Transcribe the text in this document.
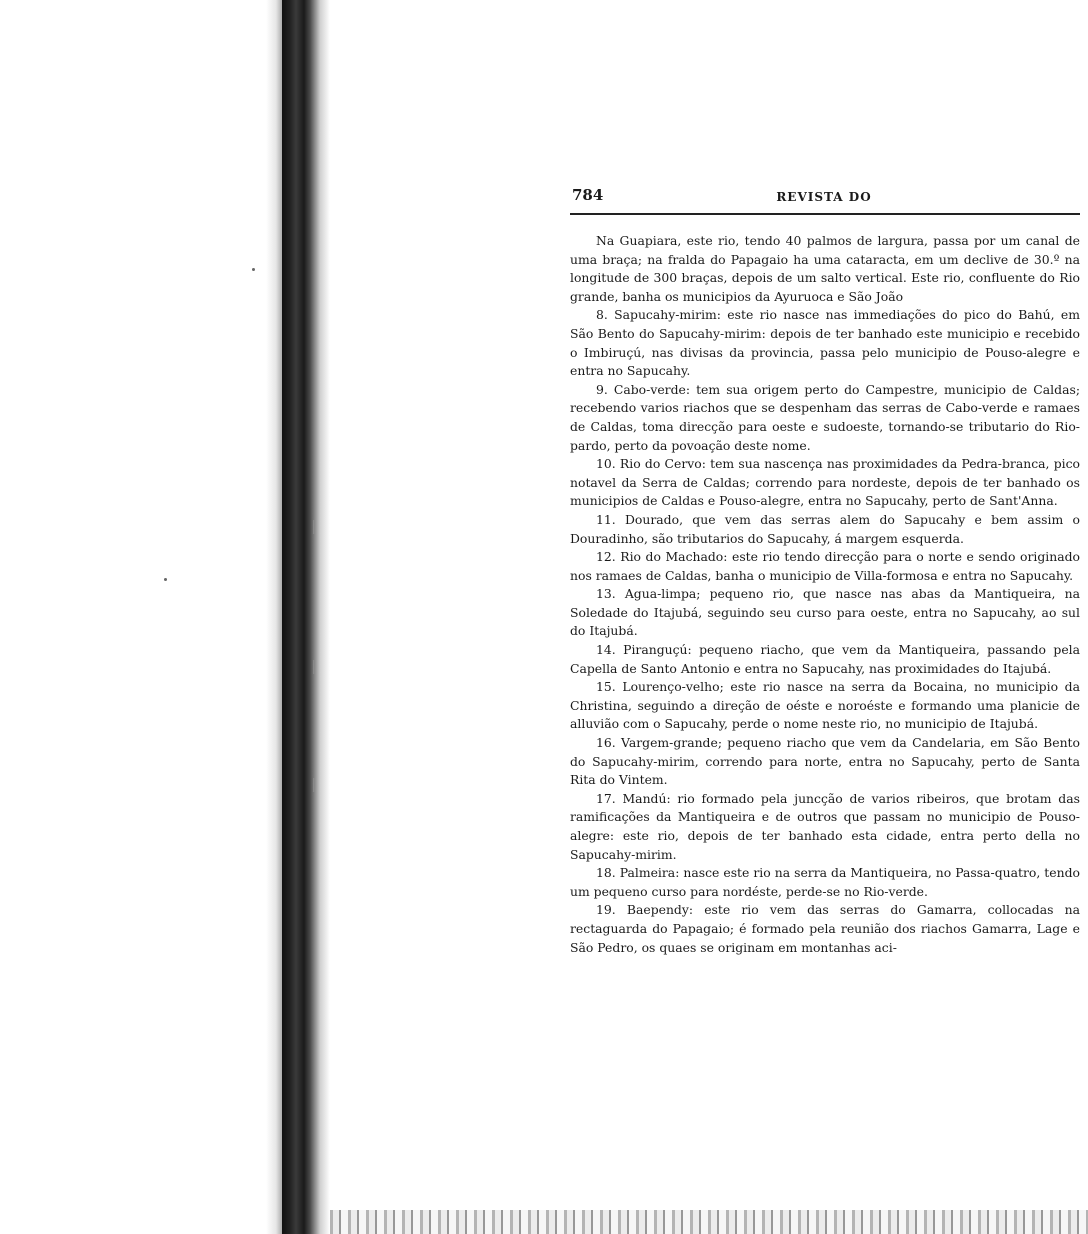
784	REVISTA DO

Na Guapiara, este rio, tendo 40 palmos de largura, passa por um canal de uma braça; na fralda do Papagaio ha uma cataracta, em um declive de 30.º na longitude de 300 braças, depois de um salto vertical. Este rio, confluente do Rio grande, banha os municipios da Ayuruoca e São João

8. Sapucahy-mirim: este rio nasce nas immediações do pico do Bahú, em São Bento do Sapucahy-mirim: depois de ter banhado este municipio e recebido o Imbiruçú, nas divisas da provincia, passa pelo municipio de Pouso-alegre e entra no Sapucahy.

9. Cabo-verde: tem sua origem perto do Campestre, municipio de Caldas; recebendo varios riachos que se despenham das serras de Cabo-verde e ramaes de Caldas, toma direcção para oeste e sudoeste, tornando-se tributario do Rio-pardo, perto da povoação deste nome.

10. Rio do Cervo: tem sua nascença nas proximidades da Pedra-branca, pico notavel da Serra de Caldas; correndo para nordeste, depois de ter banhado os municipios de Caldas e Pouso-alegre, entra no Sapucahy, perto de Sant'Anna.

11. Dourado, que vem das serras alem do Sapucahy e bem assim o Douradinho, são tributarios do Sapucahy, á margem esquerda.

12. Rio do Machado: este rio tendo direcção para o norte e sendo originado nos ramaes de Caldas, banha o municipio de Villa-formosa e entra no Sapucahy.

13. Agua-limpa; pequeno rio, que nasce nas abas da Mantiqueira, na Soledade do Itajubá, seguindo seu curso para oeste, entra no Sapucahy, ao sul do Itajubá.

14. Piranguçú: pequeno riacho, que vem da Mantiqueira, passando pela Capella de Santo Antonio e entra no Sapucahy, nas proximidades do Itajubá.

15. Lourenço-velho; este rio nasce na serra da Bocaina, no municipio da Christina, seguindo a direção de oéste e noroéste e formando uma planicie de alluvião com o Sapucahy, perde o nome neste rio, no municipio de Itajubá.

16. Vargem-grande; pequeno riacho que vem da Candelaria, em São Bento do Sapucahy-mirim, correndo para norte, entra no Sapucahy, perto de Santa Rita do Vintem.

17. Mandú: rio formado pela juncção de varios ribeiros, que brotam das ramificações da Mantiqueira e de outros que passam no municipio de Pouso-alegre: este rio, depois de ter banhado esta cidade, entra perto della no Sapucahy-mirim.

18. Palmeira: nasce este rio na serra da Mantiqueira, no Passa-quatro, tendo um pequeno curso para nordéste, perde-se no Rio-verde.

19. Baependy: este rio vem das serras do Gamarra, collocadas na rectaguarda do Papagaio; é formado pela reunião dos riachos Gamarra, Lage e São Pedro, os quaes se originam em montanhas aci-
